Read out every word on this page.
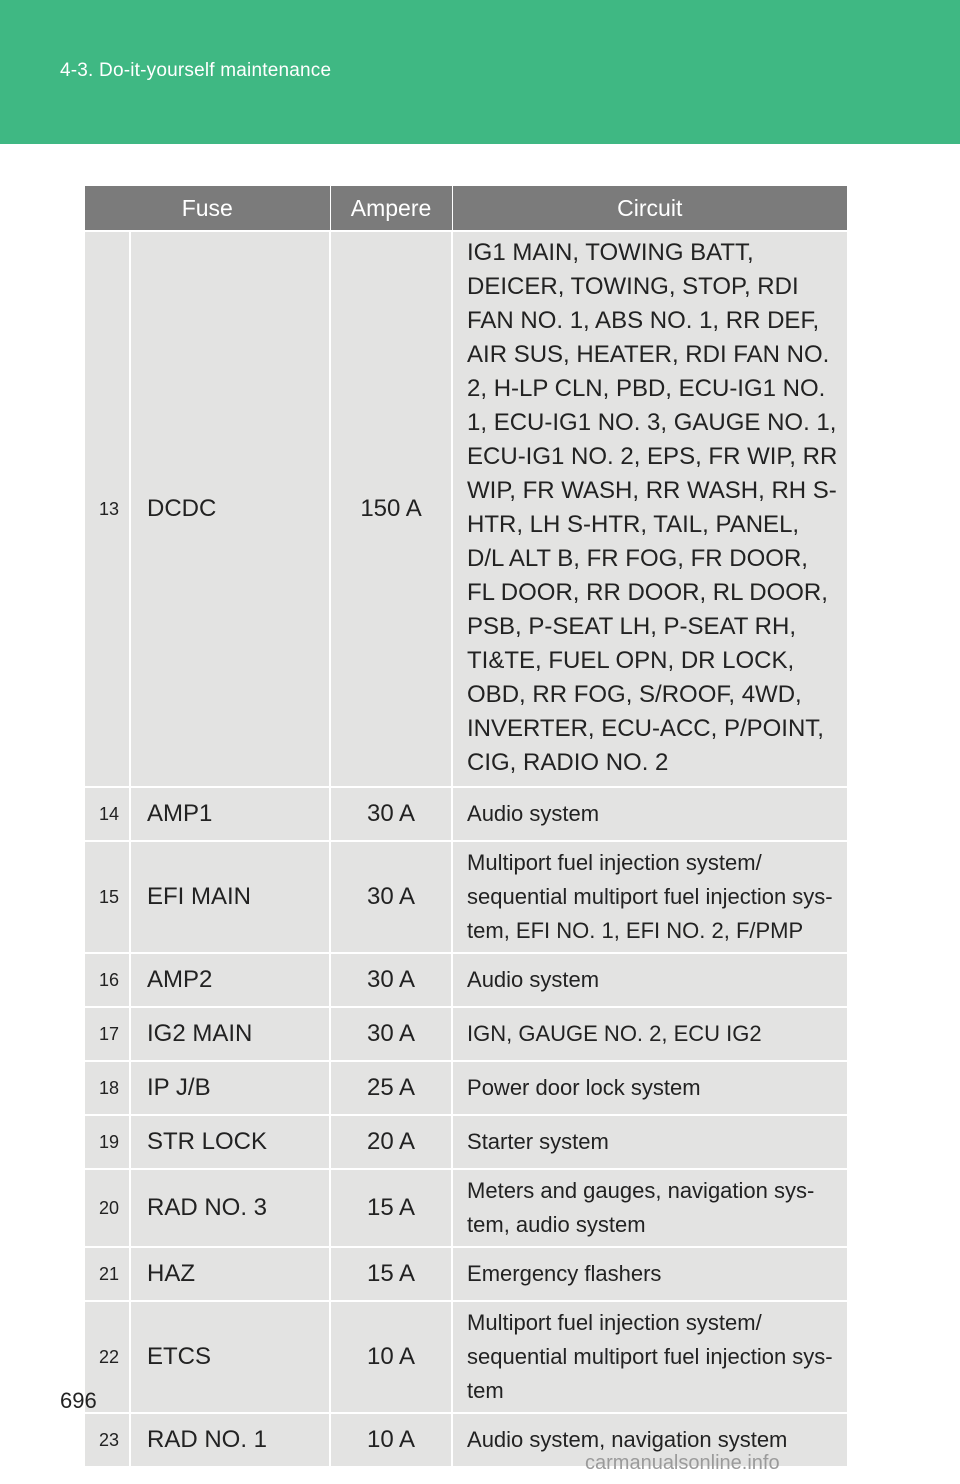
4-3. Do-it-yourself maintenance
Fuse		Ampere	Circuit
13	DCDC	150 A	IG1 MAIN, TOWING BATT, DEICER, TOWING, STOP, RDI FAN NO. 1, ABS NO. 1, RR DEF, AIR SUS, HEATER, RDI FAN NO. 2, H-LP CLN, PBD, ECU-IG1 NO. 1, ECU-IG1 NO. 3, GAUGE NO. 1, ECU-IG1 NO. 2, EPS, FR WIP, RR WIP, FR WASH, RR WASH, RH S-HTR, LH S-HTR, TAIL, PANEL, D/L ALT B, FR FOG, FR DOOR, FL DOOR, RR DOOR, RL DOOR, PSB, P-SEAT LH, P-SEAT RH, TI&TE, FUEL OPN, DR LOCK, OBD, RR FOG, S/ROOF, 4WD, INVERTER, ECU-ACC, P/POINT, CIG, RADIO NO. 2
14	AMP1	30 A	Audio system
15	EFI MAIN	30 A	Multiport fuel injection system/ sequential multiport fuel injection sys-tem, EFI NO. 1, EFI NO. 2, F/PMP
16	AMP2	30 A	Audio system
17	IG2 MAIN	30 A	IGN, GAUGE NO. 2, ECU IG2
18	IP J/B	25 A	Power door lock system
19	STR LOCK	20 A	Starter system
20	RAD NO. 3	15 A	Meters and gauges, navigation sys-tem, audio system
21	HAZ	15 A	Emergency flashers
22	ETCS	10 A	Multiport fuel injection system/ sequential multiport fuel injection sys-tem
23	RAD NO. 1	10 A	Audio system, navigation system
696
carmanualsonline.info
